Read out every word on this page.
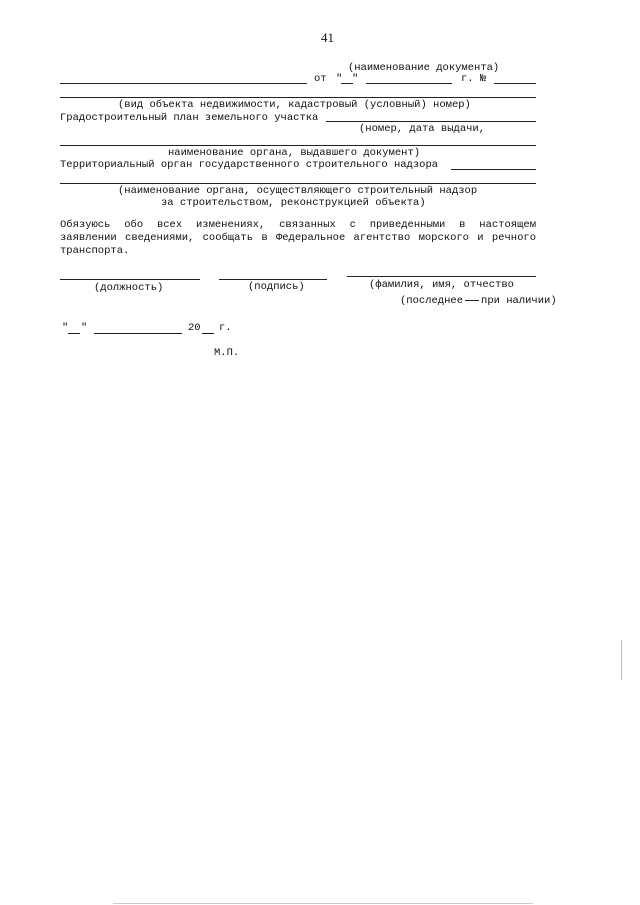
41
(наименование документа)
от " "	г. №
(вид объекта недвижимости, кадастровый (условный) номер)
Градостроительный план земельного участка
(номер, дата выдачи,
наименование органа, выдавшего документ)
Территориальный орган государственного строительного надзора
(наименование органа, осуществляющего строительный надзор
за строительством, реконструкцией объекта)
Обязуюсь обо всех изменениях, связанных с приведенными в настоящем заявлении сведениями, сообщать в Федеральное агентство морского и речного транспорта.
(должность)	(подпись)	(фамилия, имя, отчество
(последнее при наличии)
" "	20 г.
М.П.
